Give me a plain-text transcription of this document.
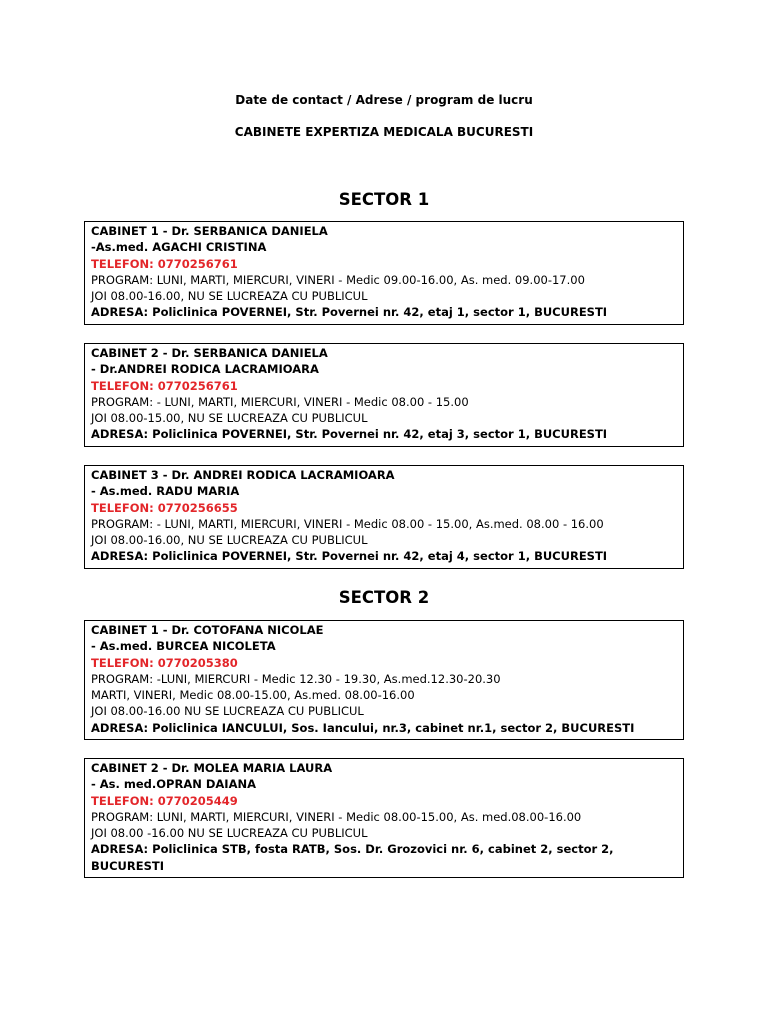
Date de contact / Adrese / program de lucru
CABINETE EXPERTIZA MEDICALA BUCURESTI
SECTOR 1
CABINET 1 - Dr. SERBANICA DANIELA
-As.med. AGACHI CRISTINA
TELEFON: 0770256761
PROGRAM: LUNI, MARTI, MIERCURI, VINERI - Medic 09.00-16.00, As. med. 09.00-17.00
JOI 08.00-16.00, NU SE LUCREAZA CU PUBLICUL
ADRESA: Policlinica POVERNEI, Str. Povernei nr. 42, etaj 1, sector 1, BUCURESTI
CABINET 2 - Dr. SERBANICA DANIELA
- Dr.ANDREI RODICA LACRAMIOARA
TELEFON: 0770256761
PROGRAM: - LUNI, MARTI, MIERCURI, VINERI - Medic 08.00 - 15.00
JOI 08.00-15.00, NU SE LUCREAZA CU PUBLICUL
ADRESA: Policlinica POVERNEI, Str. Povernei nr. 42, etaj 3, sector 1, BUCURESTI
CABINET 3 - Dr. ANDREI RODICA LACRAMIOARA
- As.med. RADU MARIA
TELEFON: 0770256655
PROGRAM: - LUNI, MARTI, MIERCURI, VINERI - Medic 08.00 - 15.00, As.med. 08.00 - 16.00
JOI 08.00-16.00, NU SE LUCREAZA CU PUBLICUL
ADRESA: Policlinica POVERNEI, Str. Povernei nr. 42, etaj 4, sector 1, BUCURESTI
SECTOR 2
CABINET 1 - Dr. COTOFANA NICOLAE
- As.med. BURCEA NICOLETA
TELEFON: 0770205380
PROGRAM: -LUNI, MIERCURI - Medic 12.30 - 19.30, As.med.12.30-20.30
MARTI, VINERI, Medic 08.00-15.00, As.med. 08.00-16.00
JOI 08.00-16.00 NU SE LUCREAZA CU PUBLICUL
ADRESA: Policlinica IANCULUI, Sos. Iancului, nr.3, cabinet nr.1, sector 2, BUCURESTI
CABINET 2 - Dr. MOLEA MARIA LAURA
- As. med.OPRAN DAIANA
TELEFON: 0770205449
PROGRAM: LUNI, MARTI, MIERCURI, VINERI - Medic 08.00-15.00, As. med.08.00-16.00
JOI 08.00 -16.00 NU SE LUCREAZA CU PUBLICUL
ADRESA: Policlinica STB, fosta RATB, Sos. Dr. Grozovici nr. 6, cabinet 2, sector 2, BUCURESTI
